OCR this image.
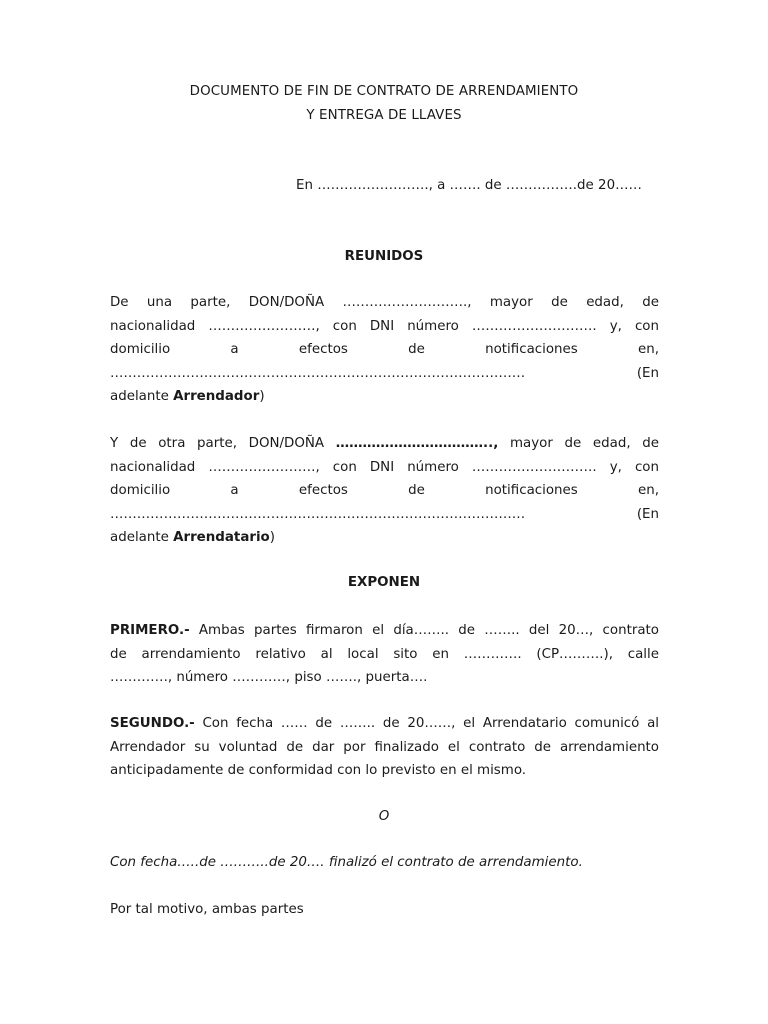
DOCUMENTO DE FIN DE CONTRATO DE ARRENDAMIENTO
Y ENTREGA DE LLAVES
En ……………………., a ……. de …………….de 20……
REUNIDOS
De una parte, DON/DOÑA ………………………., mayor de edad, de
nacionalidad ……………………, con DNI número ………………………. y, con
domicilio a efectos de notificaciones en,
………………………………………………………………………………… (En
adelante Arrendador)
Y de otra parte, DON/DOÑA …………………………….., mayor de edad, de
nacionalidad ……………………, con DNI número ………………………. y, con
domicilio a efectos de notificaciones en,
………………………………………………………………………………… (En
adelante Arrendatario)
EXPONEN
PRIMERO.- Ambas partes firmaron el día…….. de …….. del 20…, contrato
de arrendamiento relativo al local sito en …………. (CP……….), calle
…………., número …………, piso ……., puerta….
SEGUNDO.- Con fecha …… de …….. de 20……, el Arrendatario comunicó al
Arrendador su voluntad de dar por finalizado el contrato de arrendamiento
anticipadamente de conformidad con lo previsto en el mismo.
O
Con fecha…..de ………..de 20…. finalizó el contrato de arrendamiento.
Por tal motivo, ambas partes
